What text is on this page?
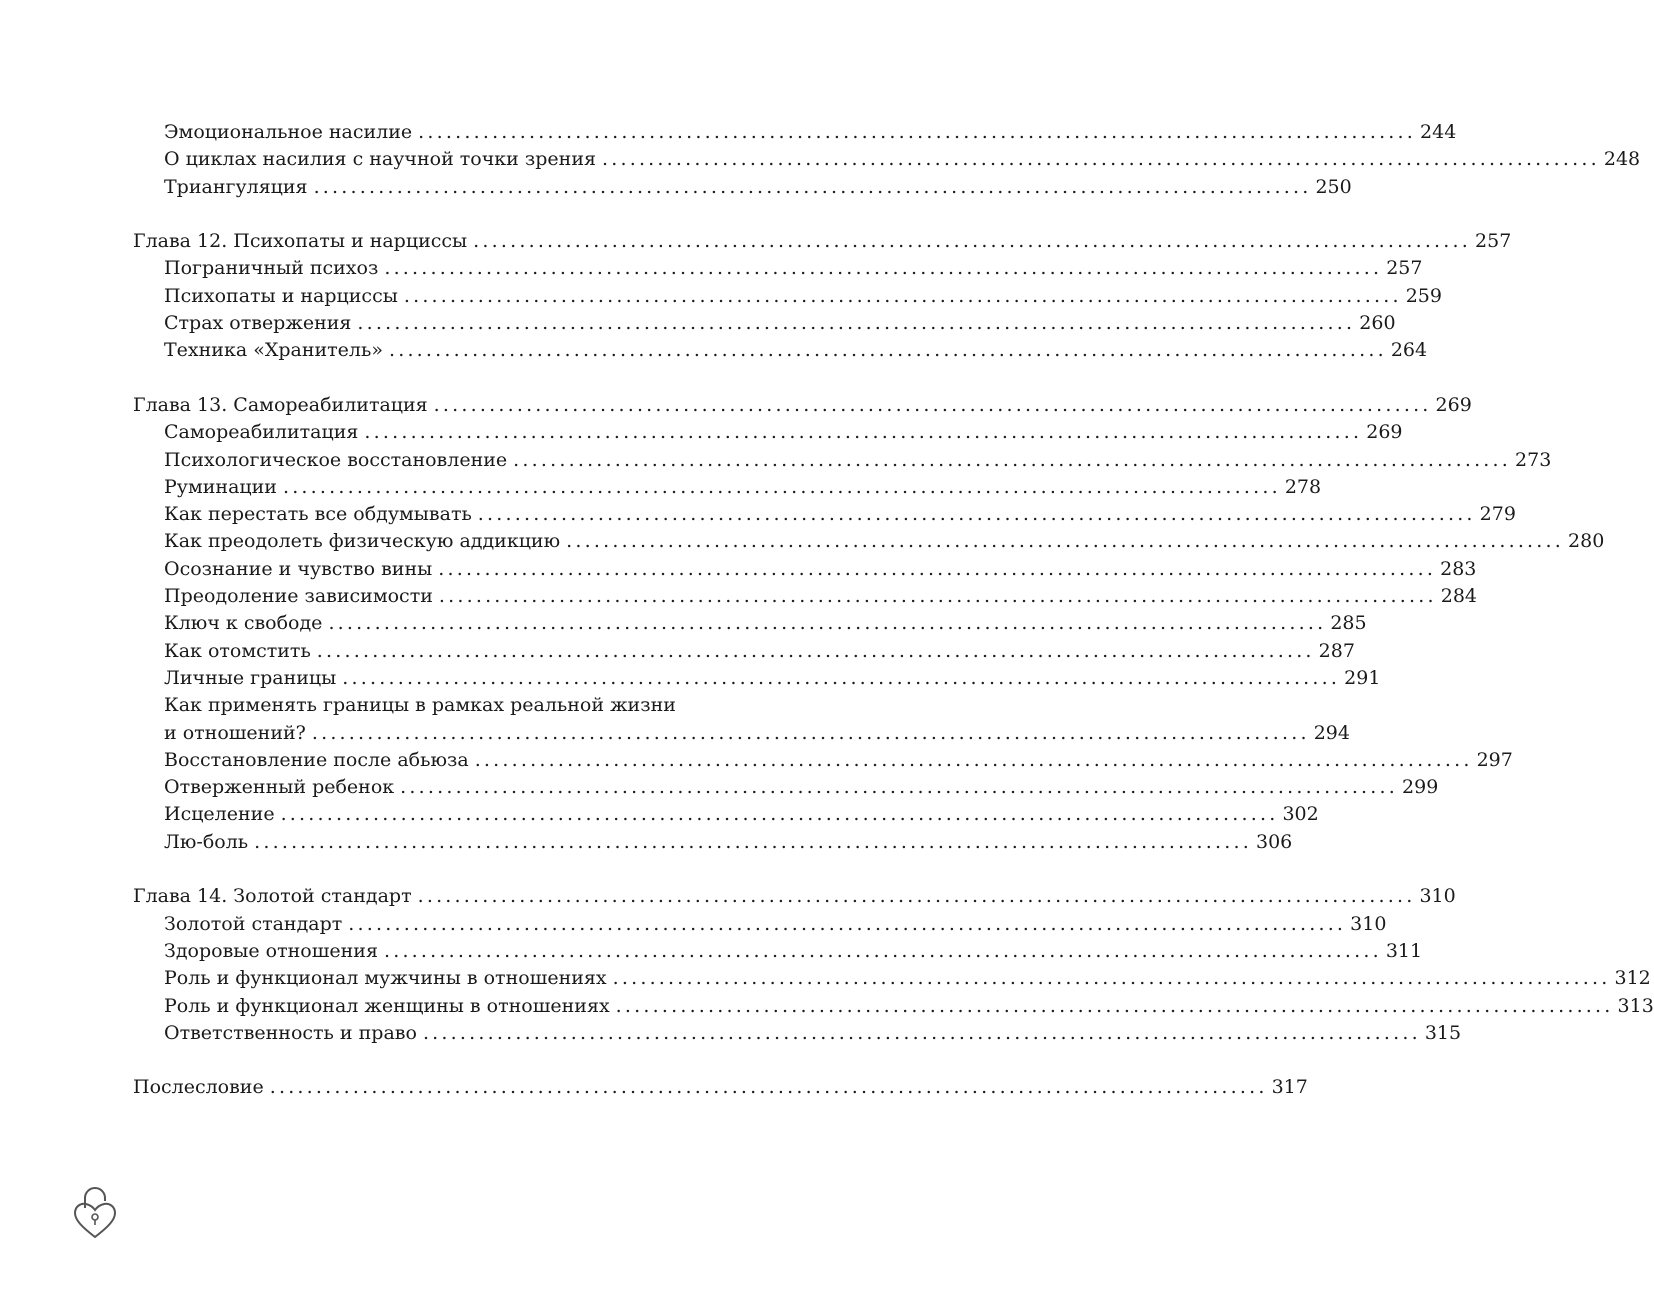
Эмоциональное насилие ............................................................................................................ 244
О циклах насилия с научной точки зрения ............................................................................................................ 248
Триангуляция ............................................................................................................ 250
Глава 12. Психопаты и нарциссы ............................................................................................................ 257
Пограничный психоз ............................................................................................................ 257
Психопаты и нарциссы ............................................................................................................ 259
Страх отвержения ............................................................................................................ 260
Техника «Хранитель» ............................................................................................................ 264
Глава 13. Самореабилитация ............................................................................................................ 269
Самореабилитация ............................................................................................................ 269
Психологическое восстановление ............................................................................................................ 273
Руминации ............................................................................................................ 278
Как перестать все обдумывать ............................................................................................................ 279
Как преодолеть физическую аддикцию ............................................................................................................ 280
Осознание и чувство вины ............................................................................................................ 283
Преодоление зависимости ............................................................................................................ 284
Ключ к свободе ............................................................................................................ 285
Как отомстить ............................................................................................................ 287
Личные границы ............................................................................................................ 291
Как применять границы в рамках реальной жизни
и отношений? ............................................................................................................ 294
Восстановление после абьюза ............................................................................................................ 297
Отверженный ребенок ............................................................................................................ 299
Исцеление ............................................................................................................ 302
Лю-боль ............................................................................................................ 306
Глава 14. Золотой стандарт ............................................................................................................ 310
Золотой стандарт ............................................................................................................ 310
Здоровые отношения ............................................................................................................ 311
Роль и функционал мужчины в отношениях ............................................................................................................ 312
Роль и функционал женщины в отношениях ............................................................................................................ 313
Ответственность и право ............................................................................................................ 315
Послесловие ............................................................................................................ 317
